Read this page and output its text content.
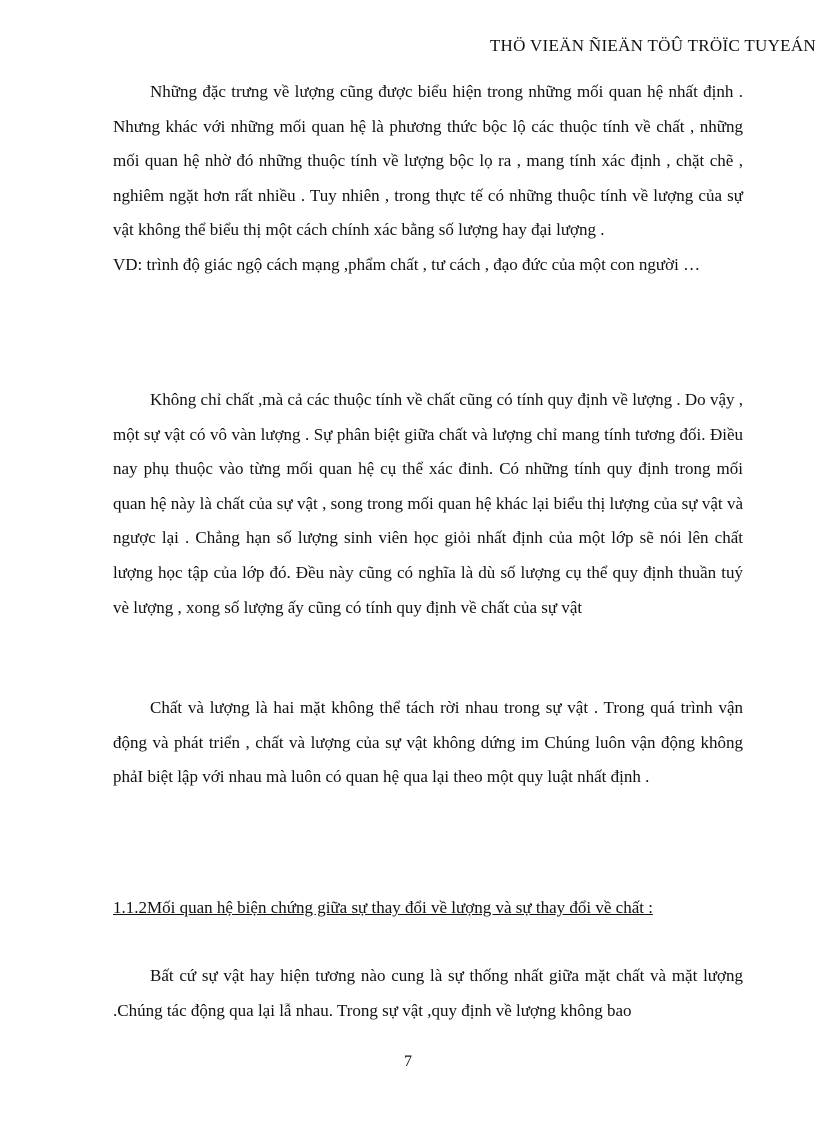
THÖ VIEÄN ÑIEÄN TÖÛ TRÖÏC TUYEÁN

Những đặc trưng về lượng cũng được biểu hiện trong những mối quan hệ nhất định . Nhưng khác với những mối quan hệ là phương thức bộc lộ các thuộc tính về chất , những mối quan hệ nhờ đó những thuộc tính về lượng bộc lọ ra , mang tính xác định , chặt chẽ , nghiêm ngặt hơn rất nhiều . Tuy nhiên , trong thực tế có những thuộc tính về lượng của sự vật không thể biểu thị một cách chính xác bằng số lượng hay đại lượng .

VD: trình độ giác ngộ cách mạng ,phẩm chất , tư cách , đạo đức của một con người …

Không chỉ chất ,mà cả các thuộc tính về chất cũng có tính quy định về lượng . Do vậy , một sự vật có vô vàn lượng . Sự phân biệt giữa chất và lượng chỉ mang tính tương đối. Điều nay phụ thuộc vào từng mối quan hệ cụ thể xác đinh. Có những tính quy định trong mối quan hệ này là chất của sự vật , song trong mối quan hệ khác lại biểu thị lượng của sự vật và ngược lại . Chẳng hạn số lượng sinh viên học giỏi nhất định của một lớp sẽ nói lên chất lượng học tập của lớp đó. Đều này cũng có nghĩa là dù số lượng cụ thể quy định thuần tuý vè lượng , xong số lượng ấy cũng có tính quy định về chất của sự vật

Chất và lượng là hai mặt không thể tách rời nhau trong sự vật . Trong quá trình vận động và phát triển , chất và lượng của sự vật không dứng im Chúng luôn vận động không phảI biệt lập với nhau mà luôn có quan hệ qua lại theo một quy luật nhất định .

1.1.2Mối quan hệ biện chứng giữa sự thay đổi về lượng và sự thay đổi về chất :

Bất cứ sự vật hay hiện tương nào cung là sự thống nhất giữa mặt chất và mặt lượng .Chúng tác động qua lại lẫ nhau. Trong sự vật ,quy định về lượng không bao

7
